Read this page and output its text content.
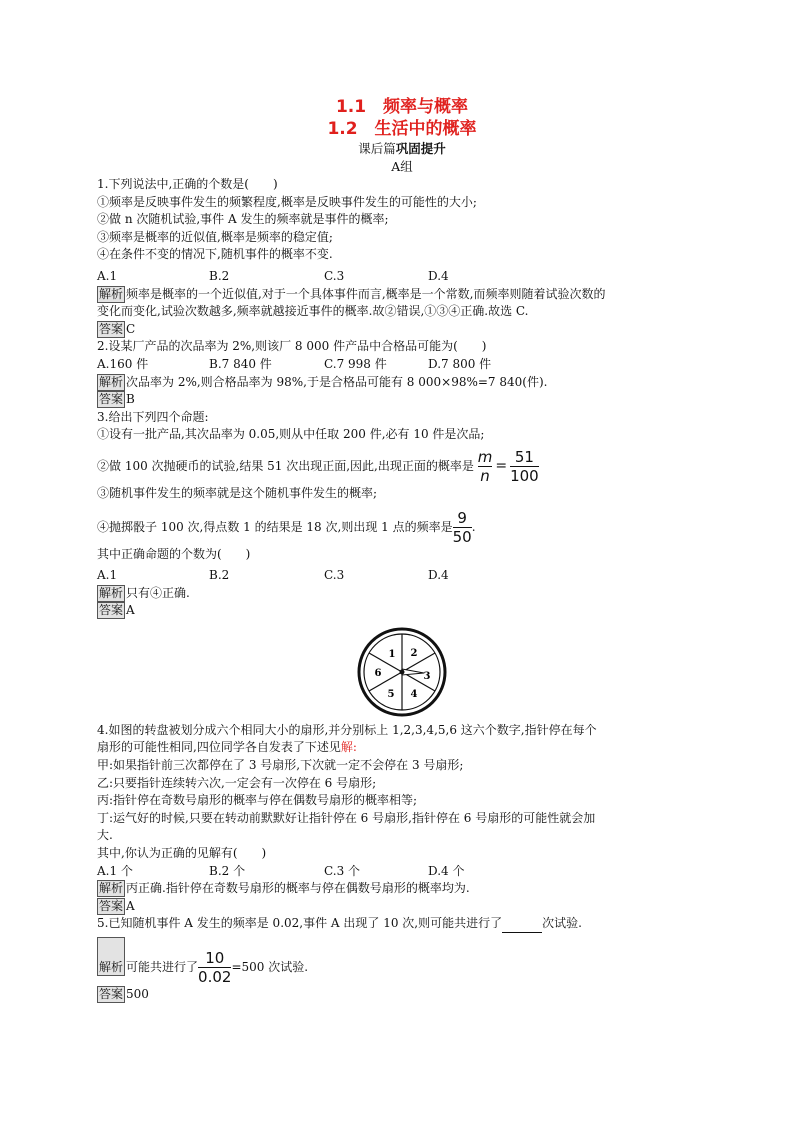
1.1　频率与概率
1.2　生活中的概率
课后篇巩固提升
A组
1.下列说法中,正确的个数是(　　)
①频率是反映事件发生的频繁程度,概率是反映事件发生的可能性的大小;
②做 n 次随机试验,事件 A 发生的频率就是事件的概率;
③频率是概率的近似值,概率是频率的稳定值;
④在条件不变的情况下,随机事件的概率不变.
A.1	B.2	C.3	D.4
解析 频率是概率的一个近似值,对于一个具体事件而言,概率是一个常数,而频率则随着试验次数的
变化而变化,试验次数越多,频率就越接近事件的概率.故②错误,①③④正确.故选 C.
答案 C
2.设某厂产品的次品率为 2%,则该厂 8 000 件产品中合格品可能为(　　)
A.160 件	B.7 840 件	C.7 998 件	D.7 800 件
解析 次品率为 2%,则合格品率为 98%,于是合格品可能有 8 000×98%=7 840(件).
答案 B
3.给出下列四个命题:
①设有一批产品,其次品率为 0.05,则从中任取 200 件,必有 10 件是次品;
②做 100 次抛硬币的试验,结果 51 次出现正面,因此,出现正面的概率是 $\frac{m}{n} = \frac{51}{100}$
③随机事件发生的频率就是这个随机事件发生的概率;
④抛掷骰子 100 次,得点数 1 的结果是 18 次,则出现 1 点的频率是 $\frac{9}{50}$ .
其中正确命题的个数为(　　)
A.1	B.2	C.3	D.4
解析 只有④正确.
答案 A
1 2
3
4
5
6
4.如图的转盘被划分成六个相同大小的扇形,并分别标上 1,2,3,4,5,6 这六个数字,指针停在每个
扇形的可能性相同,四位同学各自发表了下述见解:
甲:如果指针前三次都停在了 3 号扇形,下次就一定不会停在 3 号扇形;
乙:只要指针连续转六次,一定会有一次停在 6 号扇形;
丙:指针停在奇数号扇形的概率与停在偶数号扇形的概率相等;
丁:运气好的时候,只要在转动前默默好让指针停在 6 号扇形,指针停在 6 号扇形的可能性就会加
大.
其中,你认为正确的见解有(　　)
A.1 个	B.2 个	C.3 个	D.4 个
解析 丙正确.指针停在奇数号扇形的概率与停在偶数号扇形的概率均为.
答案 A
5.已知随机事件 A 发生的频率是 0.02,事件 A 出现了 10 次,则可能共进行了	次试验.
解析 可能共进行了 $\frac{10}{0.02} =500$ 次试验.
答案 500
